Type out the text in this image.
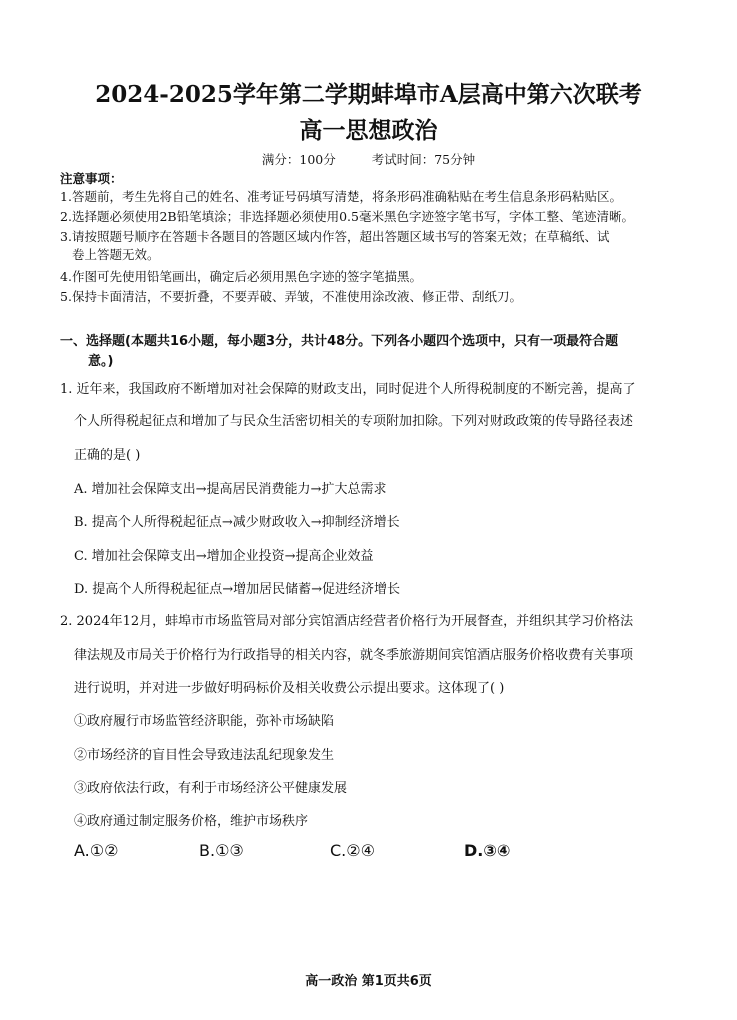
2024-2025学年第二学期蚌埠市A层高中第六次联考
高一思想政治
满分：100分	考试时间：75分钟
注意事项：
1.答题前，考生先将自己的姓名、准考证号码填写清楚，将条形码准确粘贴在考生信息条形码粘贴区。
2.选择题必须使用2B铅笔填涂；非选择题必须使用0.5毫米黑色字迹签字笔书写，字体工整、笔迹清晰。
3.请按照题号顺序在答题卡各题目的答题区域内作答，超出答题区域书写的答案无效；在草稿纸、试
卷上答题无效。
4.作图可先使用铅笔画出，确定后必须用黑色字迹的签字笔描黑。
5.保持卡面清洁，不要折叠，不要弄破、弄皱，不准使用涂改液、修正带、刮纸刀。
一、选择题(本题共16小题，每小题3分，共计48分。下列各小题四个选项中，只有一项最符合题
意。)
1. 近年来，我国政府不断增加对社会保障的财政支出，同时促进个人所得税制度的不断完善，提高了
个人所得税起征点和增加了与民众生活密切相关的专项附加扣除。下列对财政政策的传导路径表述
正确的是( )
A. 增加社会保障支出→提高居民消费能力→扩大总需求
B. 提高个人所得税起征点→减少财政收入→抑制经济增长
C. 增加社会保障支出→增加企业投资→提高企业效益
D. 提高个人所得税起征点→增加居民储蓄→促进经济增长
2. 2024年12月，蚌埠市市场监管局对部分宾馆酒店经营者价格行为开展督查，并组织其学习价格法
律法规及市局关于价格行为行政指导的相关内容，就冬季旅游期间宾馆酒店服务价格收费有关事项
进行说明，并对进一步做好明码标价及相关收费公示提出要求。这体现了( )
①政府履行市场监管经济职能，弥补市场缺陷
②市场经济的盲目性会导致违法乱纪现象发生
③政府依法行政，有利于市场经济公平健康发展
④政府通过制定服务价格，维护市场秩序
A.①②	B.①③	C.②④	D.③④
高一政治 第1页共6页
